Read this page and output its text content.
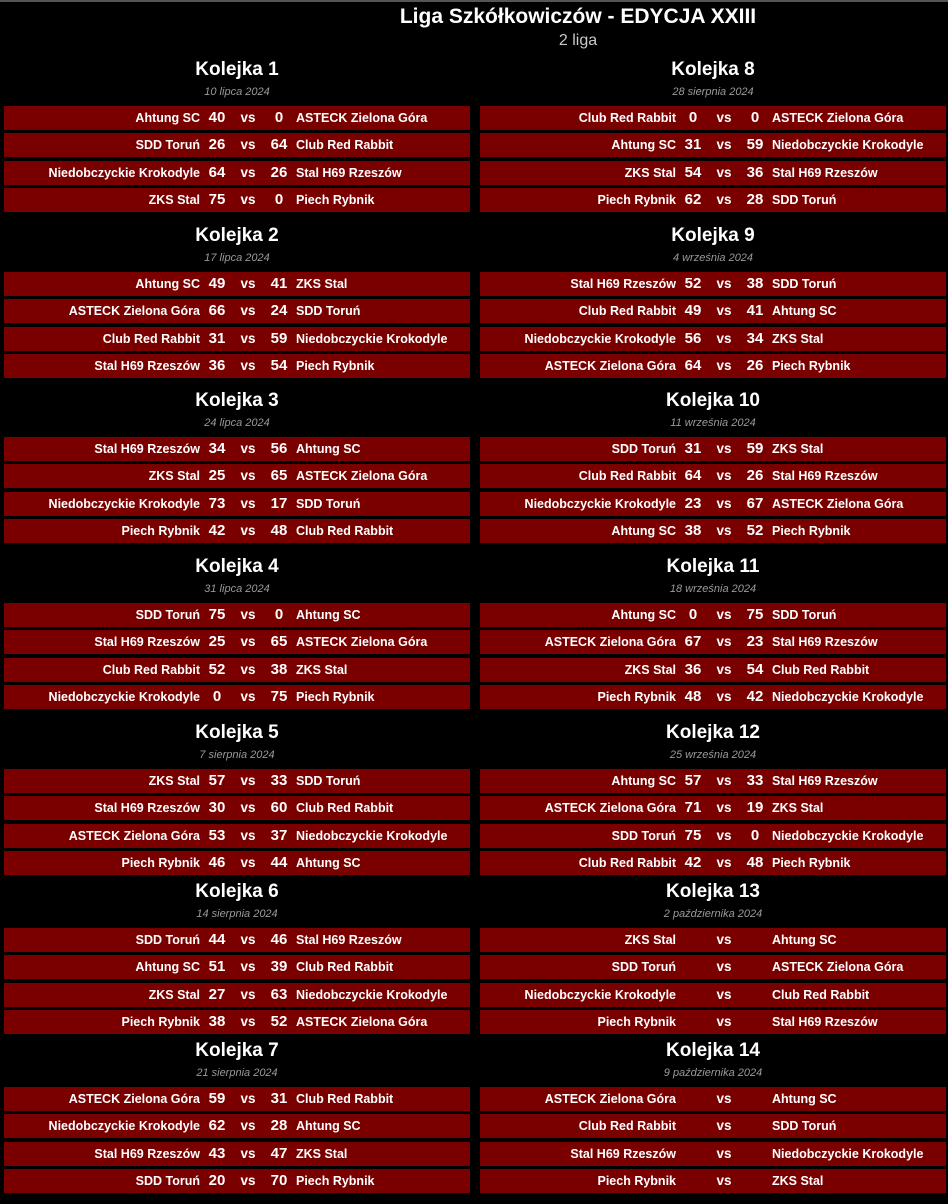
Liga Szkółkowiczów - EDYCJA XXIII
2 liga
Kolejka 1
10 lipca 2024
Ahtung SC 40	vs	0	ASTECK Zielona Góra
SDD Toruń 26	vs	64 Club Red Rabbit
Niedobczyckie Krokodyle 64	vs	26 Stal H69 Rzeszów
ZKS Stal 75	vs	0	Piech Rybnik
Kolejka 2
17 lipca 2024
Ahtung SC 49	vs	41 ZKS Stal
ASTECK Zielona Góra 66	vs	24 SDD Toruń
Club Red Rabbit 31	vs	59 Niedobczyckie Krokodyle
Stal H69 Rzeszów 36	vs	54 Piech Rybnik
Kolejka 3
24 lipca 2024
Stal H69 Rzeszów 34	vs	56 Ahtung SC
ZKS Stal 25	vs	65 ASTECK Zielona Góra
Niedobczyckie Krokodyle 73	vs	17 SDD Toruń
Piech Rybnik 42	vs	48 Club Red Rabbit
Kolejka 4
31 lipca 2024
SDD Toruń 75	vs	0	Ahtung SC
Stal H69 Rzeszów 25	vs	65 ASTECK Zielona Góra
Club Red Rabbit 52	vs	38 ZKS Stal
Niedobczyckie Krokodyle 0	vs	75 Piech Rybnik
Kolejka 5
7 sierpnia 2024
ZKS Stal 57	vs	33 SDD Toruń
Stal H69 Rzeszów 30	vs	60 Club Red Rabbit
ASTECK Zielona Góra 53	vs	37 Niedobczyckie Krokodyle
Piech Rybnik 46	vs	44 Ahtung SC
Kolejka 6
14 sierpnia 2024
SDD Toruń 44	vs	46 Stal H69 Rzeszów
Ahtung SC 51	vs	39 Club Red Rabbit
ZKS Stal 27	vs	63 Niedobczyckie Krokodyle
Piech Rybnik 38	vs	52 ASTECK Zielona Góra
Kolejka 7
21 sierpnia 2024
ASTECK Zielona Góra 59	vs	31 Club Red Rabbit
Niedobczyckie Krokodyle 62	vs	28 Ahtung SC
Stal H69 Rzeszów 43	vs	47 ZKS Stal
SDD Toruń 20	vs	70 Piech Rybnik
Kolejka 8
28 sierpnia 2024
Club Red Rabbit 0	vs	0	ASTECK Zielona Góra
Ahtung SC 31	vs	59 Niedobczyckie Krokodyle
ZKS Stal 54	vs	36 Stal H69 Rzeszów
Piech Rybnik 62	vs	28 SDD Toruń
Kolejka 9
4 września 2024
Stal H69 Rzeszów 52	vs	38 SDD Toruń
Club Red Rabbit 49	vs	41 Ahtung SC
Niedobczyckie Krokodyle 56	vs	34 ZKS Stal
ASTECK Zielona Góra 64	vs	26 Piech Rybnik
Kolejka 10
11 września 2024
SDD Toruń 31	vs	59 ZKS Stal
Club Red Rabbit 64	vs	26 Stal H69 Rzeszów
Niedobczyckie Krokodyle 23	vs	67 ASTECK Zielona Góra
Ahtung SC 38	vs	52 Piech Rybnik
Kolejka 11
18 września 2024
Ahtung SC 0	vs	75 SDD Toruń
ASTECK Zielona Góra 67	vs	23 Stal H69 Rzeszów
ZKS Stal 36	vs	54 Club Red Rabbit
Piech Rybnik 48	vs	42 Niedobczyckie Krokodyle
Kolejka 12
25 września 2024
Ahtung SC 57	vs	33 Stal H69 Rzeszów
ASTECK Zielona Góra 71	vs	19 ZKS Stal
SDD Toruń 75	vs	0	Niedobczyckie Krokodyle
Club Red Rabbit 42	vs	48 Piech Rybnik
Kolejka 13
2 października 2024
ZKS Stal	vs	Ahtung SC
SDD Toruń	vs	ASTECK Zielona Góra
Niedobczyckie Krokodyle	vs	Club Red Rabbit
Piech Rybnik	vs	Stal H69 Rzeszów
Kolejka 14
9 października 2024
ASTECK Zielona Góra	vs	Ahtung SC
Club Red Rabbit	vs	SDD Toruń
Stal H69 Rzeszów	vs	Niedobczyckie Krokodyle
Piech Rybnik	vs	ZKS Stal
